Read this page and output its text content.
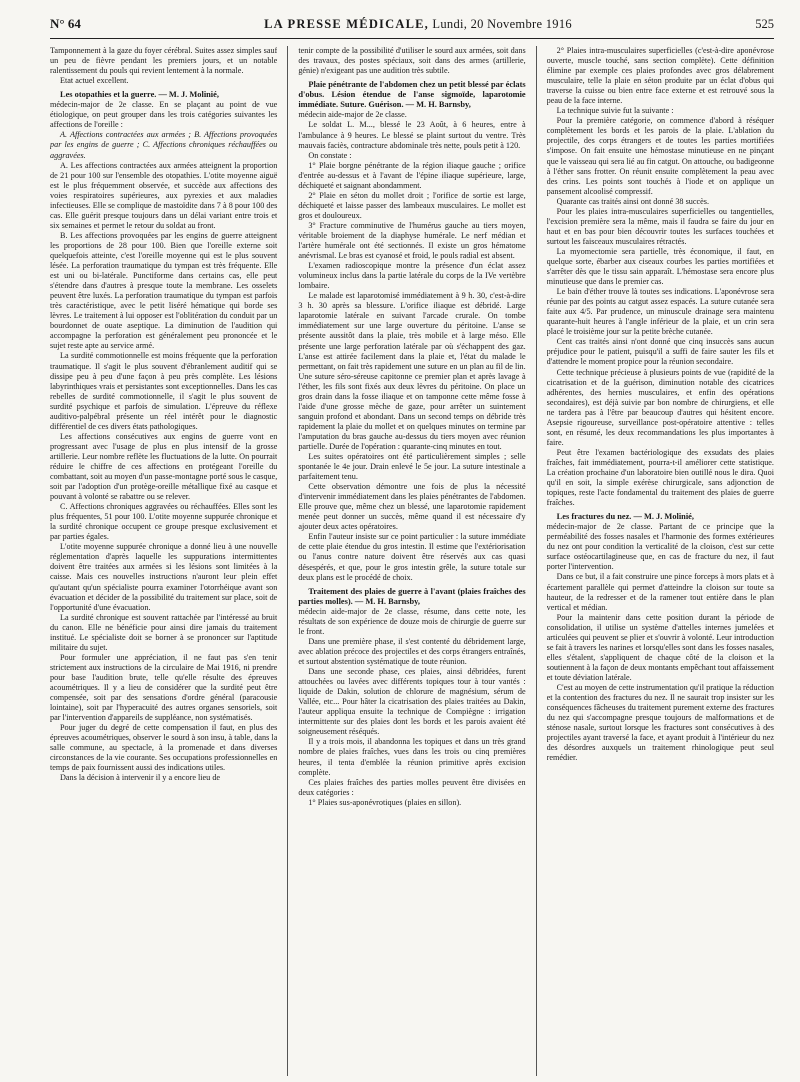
N° 64	LA PRESSE MÉDICALE, Lundi, 20 Novembre 1916	525

Tamponnement à la gaze du foyer cérébral. Suites assez simples sauf un peu de fièvre pendant les premiers jours, et un notable ralentissement du pouls qui revient lentement à la normale.

Etat actuel excellent.

Les otopathies et la guerre. — M. J. Molinié,

médecin-major de 2e classe. En se plaçant au point de vue étiologique, on peut grouper dans les trois catégories suivantes les affections de l'oreille :

A. Affections contractées aux armées ; B. Affections provoquées par les engins de guerre ; C. Affections chroniques réchauffées ou aggravées.

A. Les affections contractées aux armées atteignent la proportion de 21 pour 100 sur l'ensemble des otopathies. L'otite moyenne aiguë est le plus fréquemment observée, et succède aux affections des voies respiratoires supérieures, aux pyrexies et aux maladies infectieuses. Elle se complique de mastoïdite dans 7 à 8 pour 100 des cas. Elle guérit presque toujours dans un délai variant entre trois et six semaines et permet le retour du soldat au front.

B. Les affections provoquées par les engins de guerre atteignent les proportions de 28 pour 100. Bien que l'oreille externe soit quelquefois atteinte, c'est l'oreille moyenne qui est le plus souvent lésée. La perforation traumatique du tympan est très fréquente. Elle est uni ou bi-latérale. Punctiforme dans certains cas, elle peut s'étendre dans d'autres à presque toute la membrane. Les osselets peuvent être luxés. La perforation traumatique du tympan est parfois très caractéristique, avec le petit liséré hématique qui borde ses lèvres. Le traitement à lui opposer est l'oblitération du conduit par un bourdonnet de ouate aseptique. La diminution de l'audition qui accompagne la perforation est généralement peu prononcée et le sujet reste apte au service armé.

La surdité commotionnelle est moins fréquente que la perforation traumatique. Il s'agit le plus souvent d'ébranlement auditif qui se dissipe peu à peu d'une façon à peu près complète. Les lésions labyrinthiques vrais et persistantes sont exceptionnelles. Dans les cas rebelles de surdité commotionnelle, il s'agit le plus souvent de surdité psychique et parfois de simulation. L'épreuve du réflexe auditivo-palpébral présente un réel intérêt pour le diagnostic différentiel de ces divers états pathologiques.

Les affections consécutives aux engins de guerre vont en progressant avec l'usage de plus en plus intensif de la grosse artillerie. Leur nombre reflète les fluctuations de la lutte. On pourrait réduire le chiffre de ces affections en protégeant l'oreille du combattant, soit au moyen d'un passe-montagne porté sous le casque, soit par l'adoption d'un protège-oreille métallique fixé au casque et pouvant à volonté se rabattre ou se relever.

C. Affections chroniques aggravées ou réchauffées. Elles sont les plus fréquentes, 51 pour 100. L'otite moyenne suppurée chronique et la surdité chronique occupent ce groupe presque exclusivement et par parties égales.

L'otite moyenne suppurée chronique a donné lieu à une nouvelle réglementation d'après laquelle les suppurations intermittentes doivent être traitées aux armées si les lésions sont limitées à la caisse. Mais ces nouvelles instructions n'auront leur plein effet qu'autant qu'un spécialiste pourra examiner l'otorrhéique avant son évacuation et décider de la possibilité du traitement sur place, soit de l'opportunité d'une évacuation.

La surdité chronique est souvent rattachée par l'intéressé au bruit du canon. Elle ne bénéficie pour ainsi dire jamais du traitement institué. Le spécialiste doit se borner à se prononcer sur l'aptitude militaire du sujet.

Pour formuler une appréciation, il ne faut pas s'en tenir strictement aux instructions de la circulaire de Mai 1916, ni prendre pour base l'audition brute, telle qu'elle résulte des épreuves acoumétriques. Il y a lieu de considérer que la surdité peut être compensée, soit par des sensations d'ordre général (paracousie lointaine), soit par l'hyperacuité des autres organes sensoriels, soit par l'intervention d'appareils de suppléance, non systématisés.

Pour juger du degré de cette compensation il faut, en plus des épreuves acoumétriques, observer le sourd à son insu, à table, dans la salle commune, au spectacle, à la promenade et dans diverses circonstances de la vie courante. Ses occupations professionnelles en temps de paix fournissent aussi des indications utiles.

Dans la décision à intervenir il y a encore lieu de

tenir compte de la possibilité d'utiliser le sourd aux armées, soit dans des travaux, des postes spéciaux, soit dans des armes (artillerie, génie) n'exigeant pas une audition très subtile.

Plaie pénétrante de l'abdomen chez un petit blessé par éclats d'obus. Lésion étendue de l'anse sigmoïde, laparotomie immédiate. Suture. Guérison. — M. H. Barnsby,

médecin aide-major de 2e classe.

Le soldat L. M..., blessé le 23 Août, à 6 heures, entre à l'ambulance à 9 heures. Le blessé se plaint surtout du ventre. Très mauvais faciès, contracture abdominale très nette, pouls petit à 120.

On constate :

1° Plaie borgne pénétrante de la région iliaque gauche ; orifice d'entrée au-dessus et à l'avant de l'épine iliaque supérieure, large, déchiqueté et saignant abondamment.

2° Plaie en séton du mollet droit ; l'orifice de sortie est large, déchiqueté et laisse passer des lambeaux musculaires. Le mollet est gros et douloureux.

3° Fracture comminutive de l'humérus gauche au tiers moyen, véritable broiement de la diaphyse humérale. Le nerf médian et l'artère humérale ont été sectionnés. Il existe un gros hématome anévrismal. Le bras est cyanosé et froid, le pouls radial est absent.

L'examen radioscopique montre la présence d'un éclat assez volumineux inclus dans la partie latérale du corps de la IVe vertèbre lombaire.

Le malade est laparotomisé immédiatement à 9 h. 30, c'est-à-dire 3 h. 30 après sa blessure. L'orifice iliaque est débridé. Large laparotomie latérale en suivant l'arcade crurale. On tombe immédiatement sur une large ouverture du péritoine. L'anse se présente aussitôt dans la plaie, très mobile et à large méso. Elle présente une large perforation latérale par où s'échappent des gaz. L'anse est attirée facilement dans la plaie et, l'état du malade le permettant, on fait très rapidement une suture en un plan au fil de lin. Une suture séro-séreuse capitonne ce premier plan et après lavage à l'éther, les fils sont fixés aux deux lèvres du péritoine. On place un gros drain dans la fosse iliaque et on tamponne cette même fosse à l'aide d'une grosse mèche de gaze, pour arrêter un suintement sanguin profond et abondant. Dans un second temps on débride très rapidement la plaie du mollet et on quelques minutes on termine par l'amputation du bras gauche au-dessus du tiers moyen avec réunion partielle. Durée de l'opération : quarante-cinq minutes en tout.

Les suites opératoires ont été particulièrement simples ; selle spontanée le 4e jour. Drain enlevé le 5e jour. La suture intestinale a parfaitement tenu.

Cette observation démontre une fois de plus la nécessité d'intervenir immédiatement dans les plaies pénétrantes de l'abdomen. Elle prouve que, même chez un blessé, une laparotomie rapidement menée peut donner un succès, même quand il est nécessaire d'y ajouter deux actes opératoires.

Enfin l'auteur insiste sur ce point particulier : la suture immédiate de cette plaie étendue du gros intestin. Il estime que l'extériorisation ou l'anus contre nature doivent être réservés aux cas quasi désespérés, et que, pour le gros intestin grêle, la suture totale sur deux plans est le procédé de choix.

Traitement des plaies de guerre à l'avant (plaies fraîches des parties molles). — M. H. Barnsby,

médecin aide-major de 2e classe, résume, dans cette note, les résultats de son expérience de douze mois de chirurgie de guerre sur le front.

Dans une première phase, il s'est contenté du débridement large, avec ablation précoce des projectiles et des corps étrangers entraînés, et surtout abstention systématique de toute réunion.

Dans une seconde phase, ces plaies, ainsi débridées, furent attouchées ou lavées avec différents topiques tour à tour vantés : liquide de Dakin, solution de chlorure de magnésium, sérum de Vallée, etc... Pour hâter la cicatrisation des plaies traitées au Dakin, l'auteur appliqua ensuite la technique de Compiègne : irrigation intermittente sur des plaies dont les bords et les parois avaient été soigneusement réséqués.

Il y a trois mois, il abandonna les topiques et dans un très grand nombre de plaies fraîches, vues dans les trois ou cinq premières heures, il tenta d'emblée la réunion primitive après excision complète.

Ces plaies fraîches des parties molles peuvent être divisées en deux catégories :

1° Plaies sus-aponévrotiques (plaies en sillon).

2° Plaies intra-musculaires superficielles (c'est-à-dire aponévrose ouverte, muscle touché, sans section complète). Cette définition élimine par exemple ces plaies profondes avec gros délabrement musculaire, telle la plaie en séton produite par un éclat d'obus qui traverse la cuisse ou bien entre face externe et est retrouvé sous la peau de la face interne.

La technique suivie fut la suivante :

Pour la première catégorie, on commence d'abord à réséquer complètement les bords et les parois de la plaie. L'ablation du projectile, des corps étrangers et de toutes les parties mortifiées s'impose. On fait ensuite une hémostase minutieuse en ne pinçant que le vaisseau qui sera lié au fin catgut. On attouche, ou badigeonne à l'éther sans frotter. On réunit ensuite complètement la peau avec des crins. Les points sont touchés à l'iode et on applique un pansement alcoolisé compressif.

Quarante cas traités ainsi ont donné 38 succès.

Pour les plaies intra-musculaires superficielles ou tangentielles, l'excision première sera la même, mais il faudra se faire du jour en haut et en bas pour bien découvrir toutes les surfaces touchées et surtout les faisceaux musculaires rétractés.

La myomectomie sera partielle, très économique, il faut, en quelque sorte, ébarber aux ciseaux courbes les parties mortifiées et s'arrêter dès que le tissu sain apparaît. L'hémostase sera encore plus minutieuse que dans le premier cas.

Le bain d'éther trouve là toutes ses indications. L'aponévrose sera réunie par des points au catgut assez espacés. La suture cutanée sera faite aux 4/5. Par prudence, un minuscule drainage sera maintenu quarante-huit heures à l'angle inférieur de la plaie, et un crin sera placé le troisième jour sur la petite brèche cutanée.

Cent cas traités ainsi n'ont donné que cinq insuccès sans aucun préjudice pour le patient, puisqu'il a suffi de faire sauter les fils et d'attendre le moment propice pour la réunion secondaire.

Cette technique précieuse à plusieurs points de vue (rapidité de la cicatrisation et de la guérison, diminution notable des cicatrices adhérentes, des hernies musculaires, et enfin des opérations secondaires), est déjà suivie par bon nombre de chirurgiens, et elle ne tardera pas à l'être par beaucoup d'autres qui hésitent encore. Asepsie rigoureuse, surveillance post-opératoire attentive : telles sont, en résumé, les deux recommandations les plus importantes à faire.

Peut être l'examen bactériologique des exsudats des plaies fraîches, fait immédiatement, pourra-t-il améliorer cette statistique. La création prochaine d'un laboratoire bien outillé nous le dira. Quoi qu'il en soit, la simple exérèse chirurgicale, sans adjonction de topiques, reste l'acte fondamental du traitement des plaies de guerre fraîches.

Les fractures du nez. — M. J. Molinié,

médecin-major de 2e classe. Partant de ce principe que la perméabilité des fosses nasales et l'harmonie des formes extérieures du nez ont pour condition la verticalité de la cloison, c'est sur cette surface ostéocartilagineuse que, en cas de fracture du nez, il faut porter l'intervention.

Dans ce but, il a fait construire une pince forceps à mors plats et à écartement parallèle qui permet d'atteindre la cloison sur toute sa hauteur, de la redresser et de la ramener tout entière dans le plan vertical et médian.

Pour la maintenir dans cette position durant la période de consolidation, il utilise un système d'attelles internes jumelées et articulées qui peuvent se plier et s'ouvrir à volonté. Leur introduction se fait à travers les narines et lorsqu'elles sont dans les fosses nasales, elles s'étalent, s'appliquent de chaque côté de la cloison et la soutiennent à la façon de deux montants empêchant tout affaissement et toute déviation latérale.

C'est au moyen de cette instrumentation qu'il pratique la réduction et la contention des fractures du nez. Il ne saurait trop insister sur les conséquences fâcheuses du traitement purement externe des fractures du nez qui s'accompagne presque toujours de malformations et de sténose nasale, surtout lorsque les fractures sont consécutives à des projectiles ayant traversé la face, et ayant produit à l'intérieur du nez des désordres auxquels un traitement rhinologique peut seul remédier.
